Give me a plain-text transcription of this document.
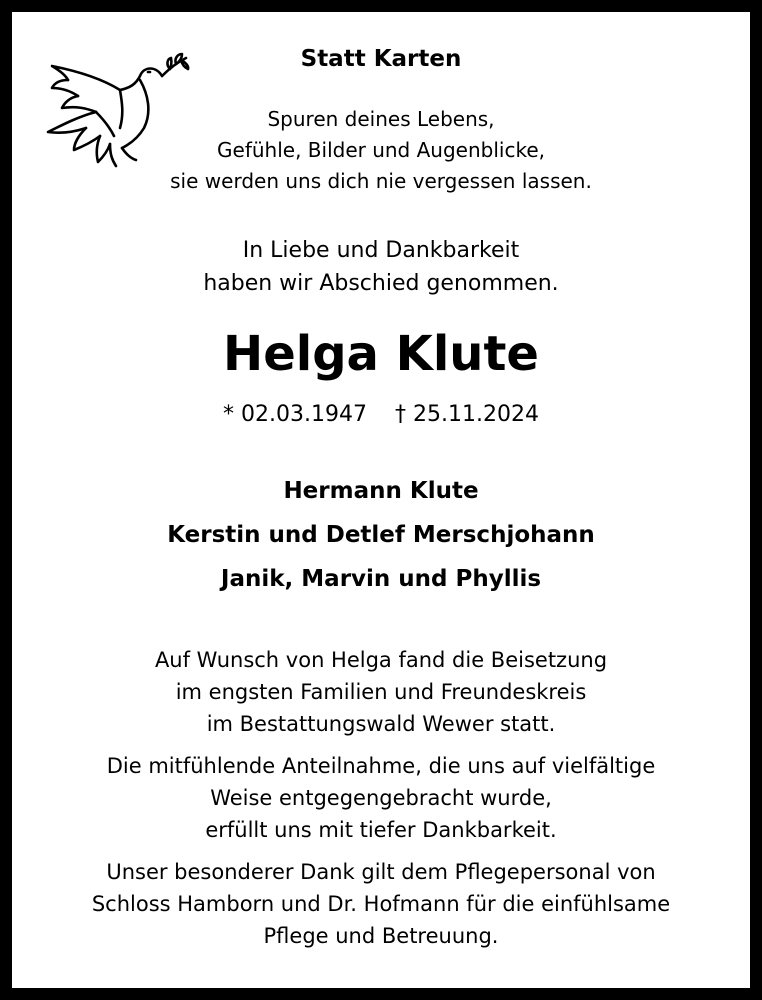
Statt Karten
Spuren deines Lebens,
Gefühle, Bilder und Augenblicke,
sie werden uns dich nie vergessen lassen.
In Liebe und Dankbarkeit
haben wir Abschied genommen.
Helga Klute
* 02.03.1947 † 25.11.2024
Hermann Klute
Kerstin und Detlef Merschjohann
Janik, Marvin und Phyllis
Auf Wunsch von Helga fand die Beisetzung
im engsten Familien und Freundeskreis
im Bestattungswald Wewer statt.
Die mitfühlende Anteilnahme, die uns auf vielfältige
Weise entgegengebracht wurde,
erfüllt uns mit tiefer Dankbarkeit.
Unser besonderer Dank gilt dem Pflegepersonal von
Schloss Hamborn und Dr. Hofmann für die einfühlsame
Pflege und Betreuung.
